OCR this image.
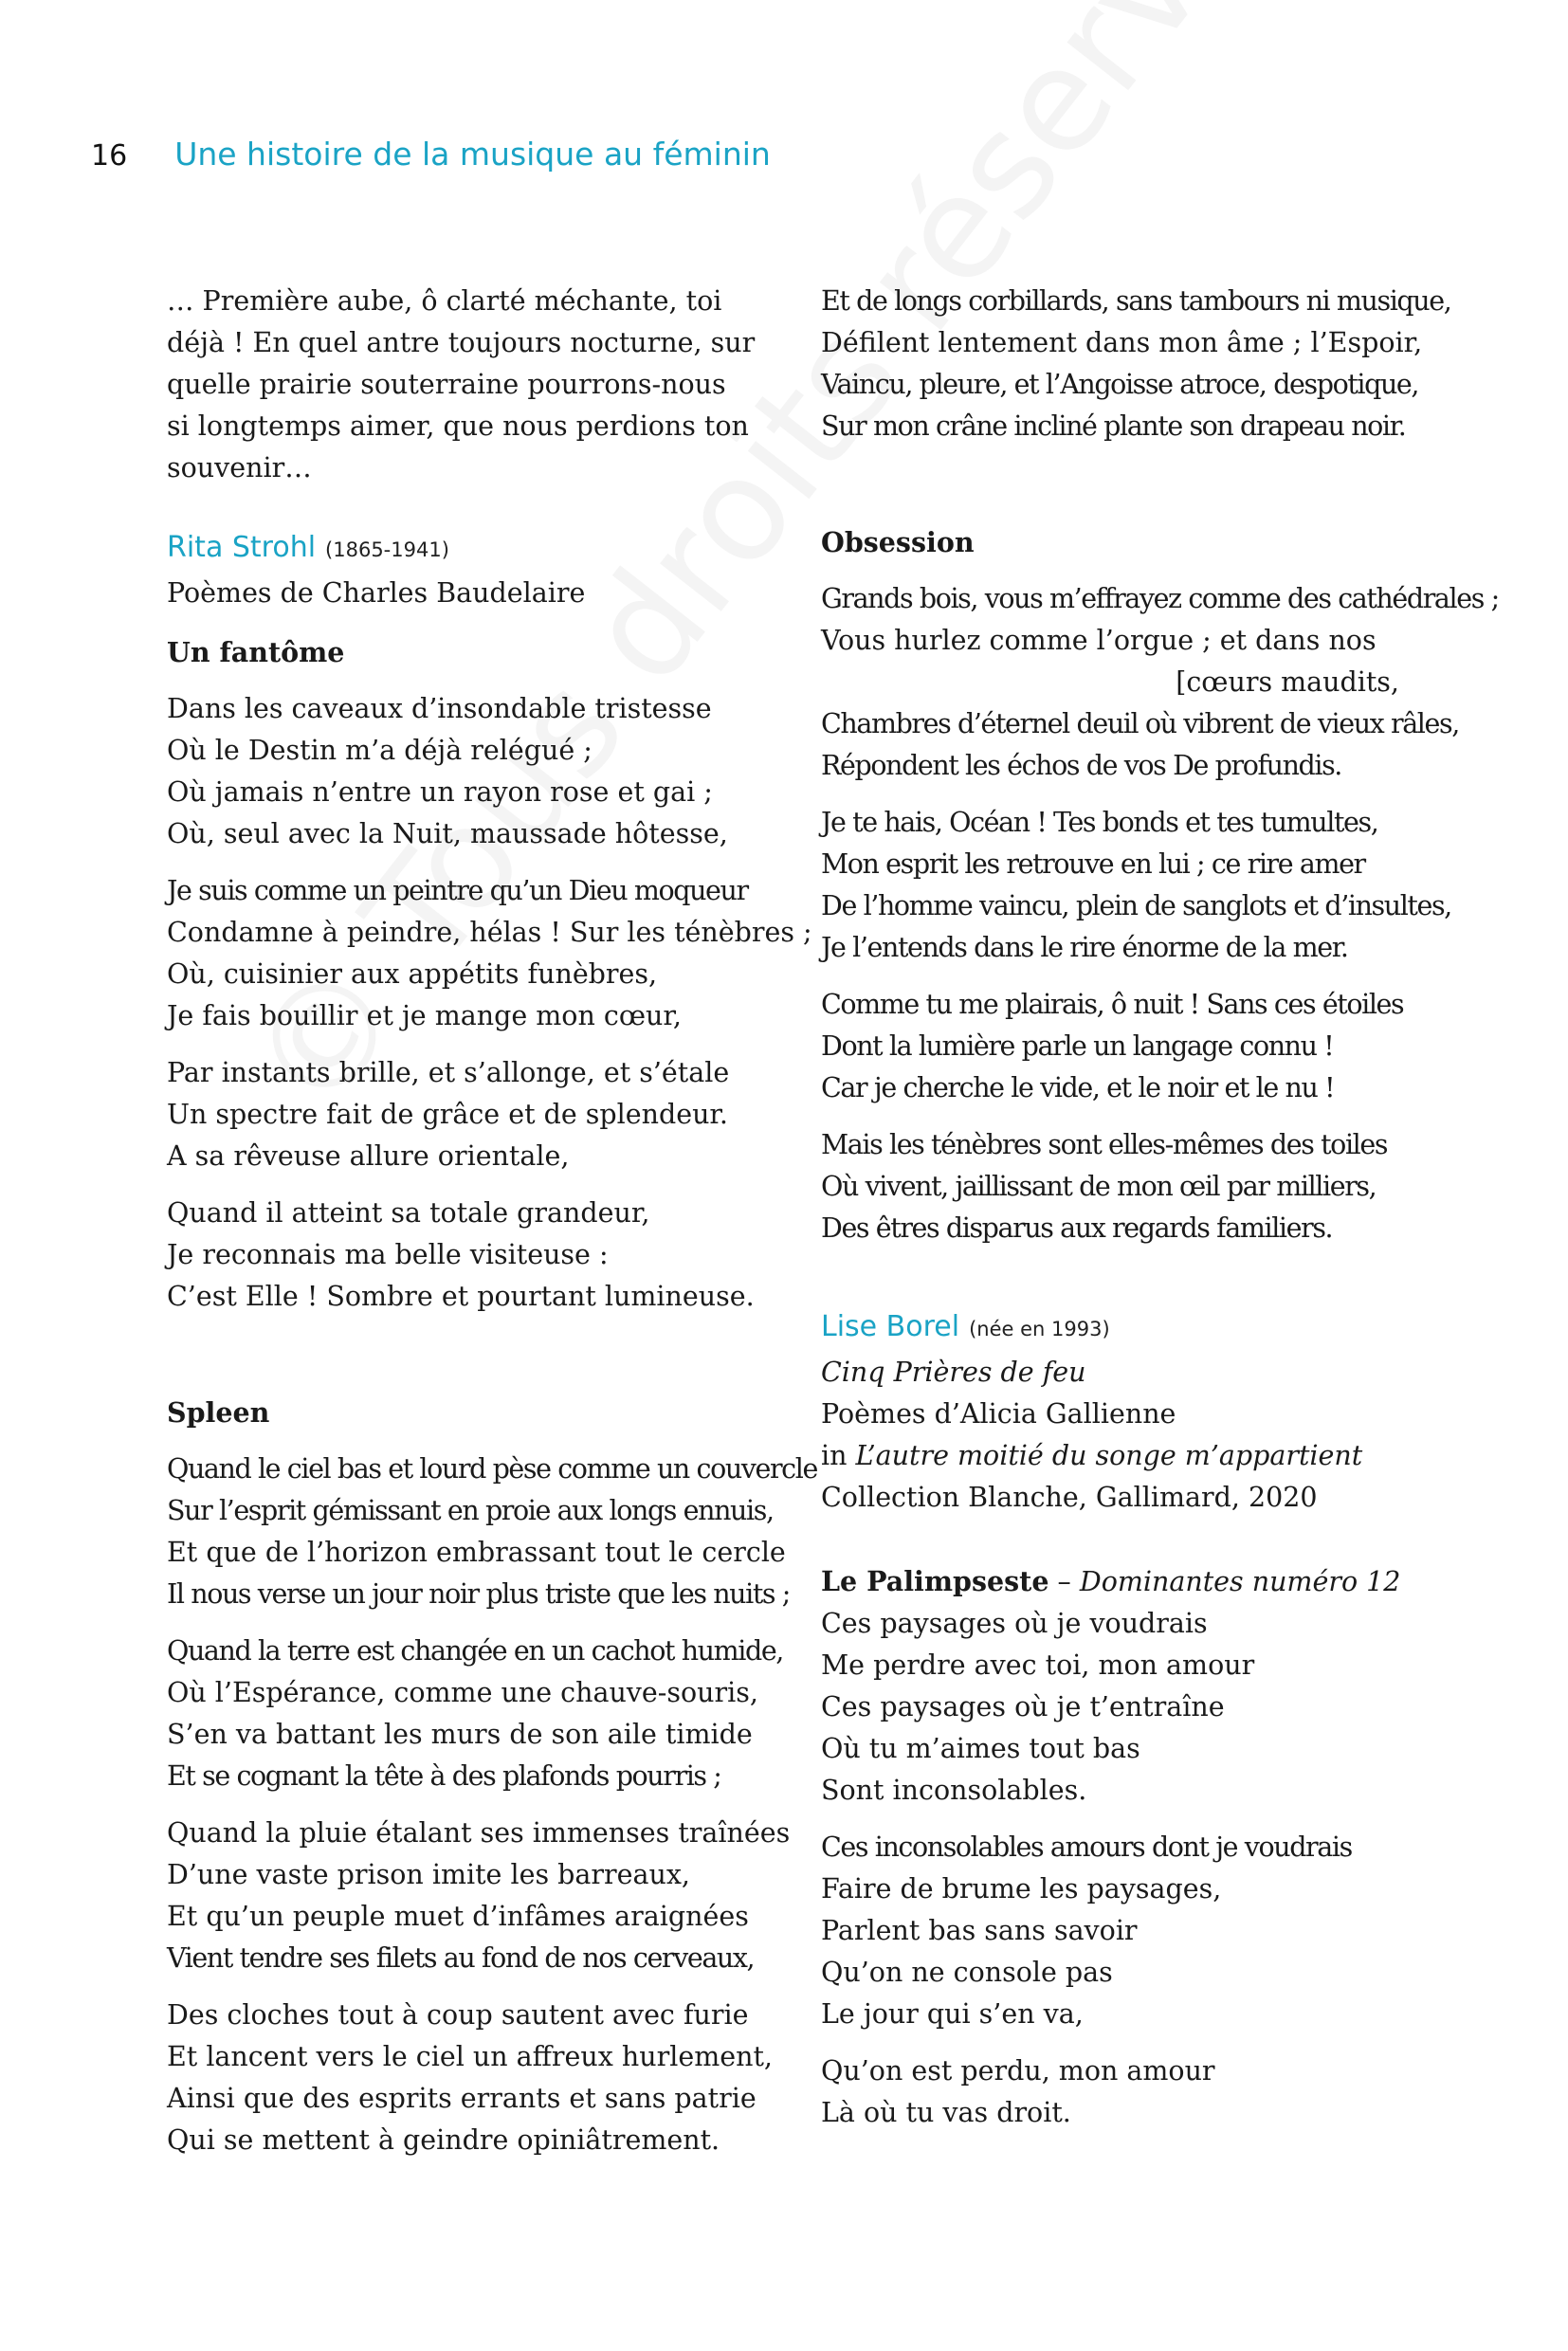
16 Une histoire de la musique au féminin
… Première aube, ô clarté méchante, toi
déjà ! En quel antre toujours nocturne, sur
quelle prairie souterraine pourrons-nous
si longtemps aimer, que nous perdions ton
souvenir…
Rita Strohl (1865-1941)
Poèmes de Charles Baudelaire
Un fantôme
Dans les caveaux d’insondable tristesse
Où le Destin m’a déjà relégué ;
Où jamais n’entre un rayon rose et gai ;
Où, seul avec la Nuit, maussade hôtesse,
Je suis comme un peintre qu’un Dieu moqueur
Condamne à peindre, hélas ! Sur les ténèbres ;
Où, cuisinier aux appétits funèbres,
Je fais bouillir et je mange mon cœur,
Par instants brille, et s’allonge, et s’étale
Un spectre fait de grâce et de splendeur.
A sa rêveuse allure orientale,
Quand il atteint sa totale grandeur,
Je reconnais ma belle visiteuse :
C’est Elle ! Sombre et pourtant lumineuse.
Spleen
Quand le ciel bas et lourd pèse comme un couvercle
Sur l’esprit gémissant en proie aux longs ennuis,
Et que de l’horizon embrassant tout le cercle
Il nous verse un jour noir plus triste que les nuits ;
Quand la terre est changée en un cachot humide,
Où l’Espérance, comme une chauve-souris,
S’en va battant les murs de son aile timide
Et se cognant la tête à des plafonds pourris ;
Quand la pluie étalant ses immenses traînées
D’une vaste prison imite les barreaux,
Et qu’un peuple muet d’infâmes araignées
Vient tendre ses filets au fond de nos cerveaux,
Des cloches tout à coup sautent avec furie
Et lancent vers le ciel un affreux hurlement,
Ainsi que des esprits errants et sans patrie
Qui se mettent à geindre opiniâtrement.
Et de longs corbillards, sans tambours ni musique,
Défilent lentement dans mon âme ; l’Espoir,
Vaincu, pleure, et l’Angoisse atroce, despotique,
Sur mon crâne incliné plante son drapeau noir.
Obsession
Grands bois, vous m’effrayez comme des cathédrales ;
Vous hurlez comme l’orgue ; et dans nos
[cœurs maudits,
Chambres d’éternel deuil où vibrent de vieux râles,
Répondent les échos de vos De profundis.
Je te hais, Océan ! Tes bonds et tes tumultes,
Mon esprit les retrouve en lui ; ce rire amer
De l’homme vaincu, plein de sanglots et d’insultes,
Je l’entends dans le rire énorme de la mer.
Comme tu me plairais, ô nuit ! Sans ces étoiles
Dont la lumière parle un langage connu !
Car je cherche le vide, et le noir et le nu !
Mais les ténèbres sont elles-mêmes des toiles
Où vivent, jaillissant de mon œil par milliers,
Des êtres disparus aux regards familiers.
Lise Borel (née en 1993)
Cinq Prières de feu
Poèmes d’Alicia Gallienne
in L’autre moitié du songe m’appartient
Collection Blanche, Gallimard, 2020
Le Palimpseste – Dominantes numéro 12
Ces paysages où je voudrais
Me perdre avec toi, mon amour
Ces paysages où je t’entraîne
Où tu m’aimes tout bas
Sont inconsolables.
Ces inconsolables amours dont je voudrais
Faire de brume les paysages,
Parlent bas sans savoir
Qu’on ne console pas
Le jour qui s’en va,
Qu’on est perdu, mon amour
Là où tu vas droit.
